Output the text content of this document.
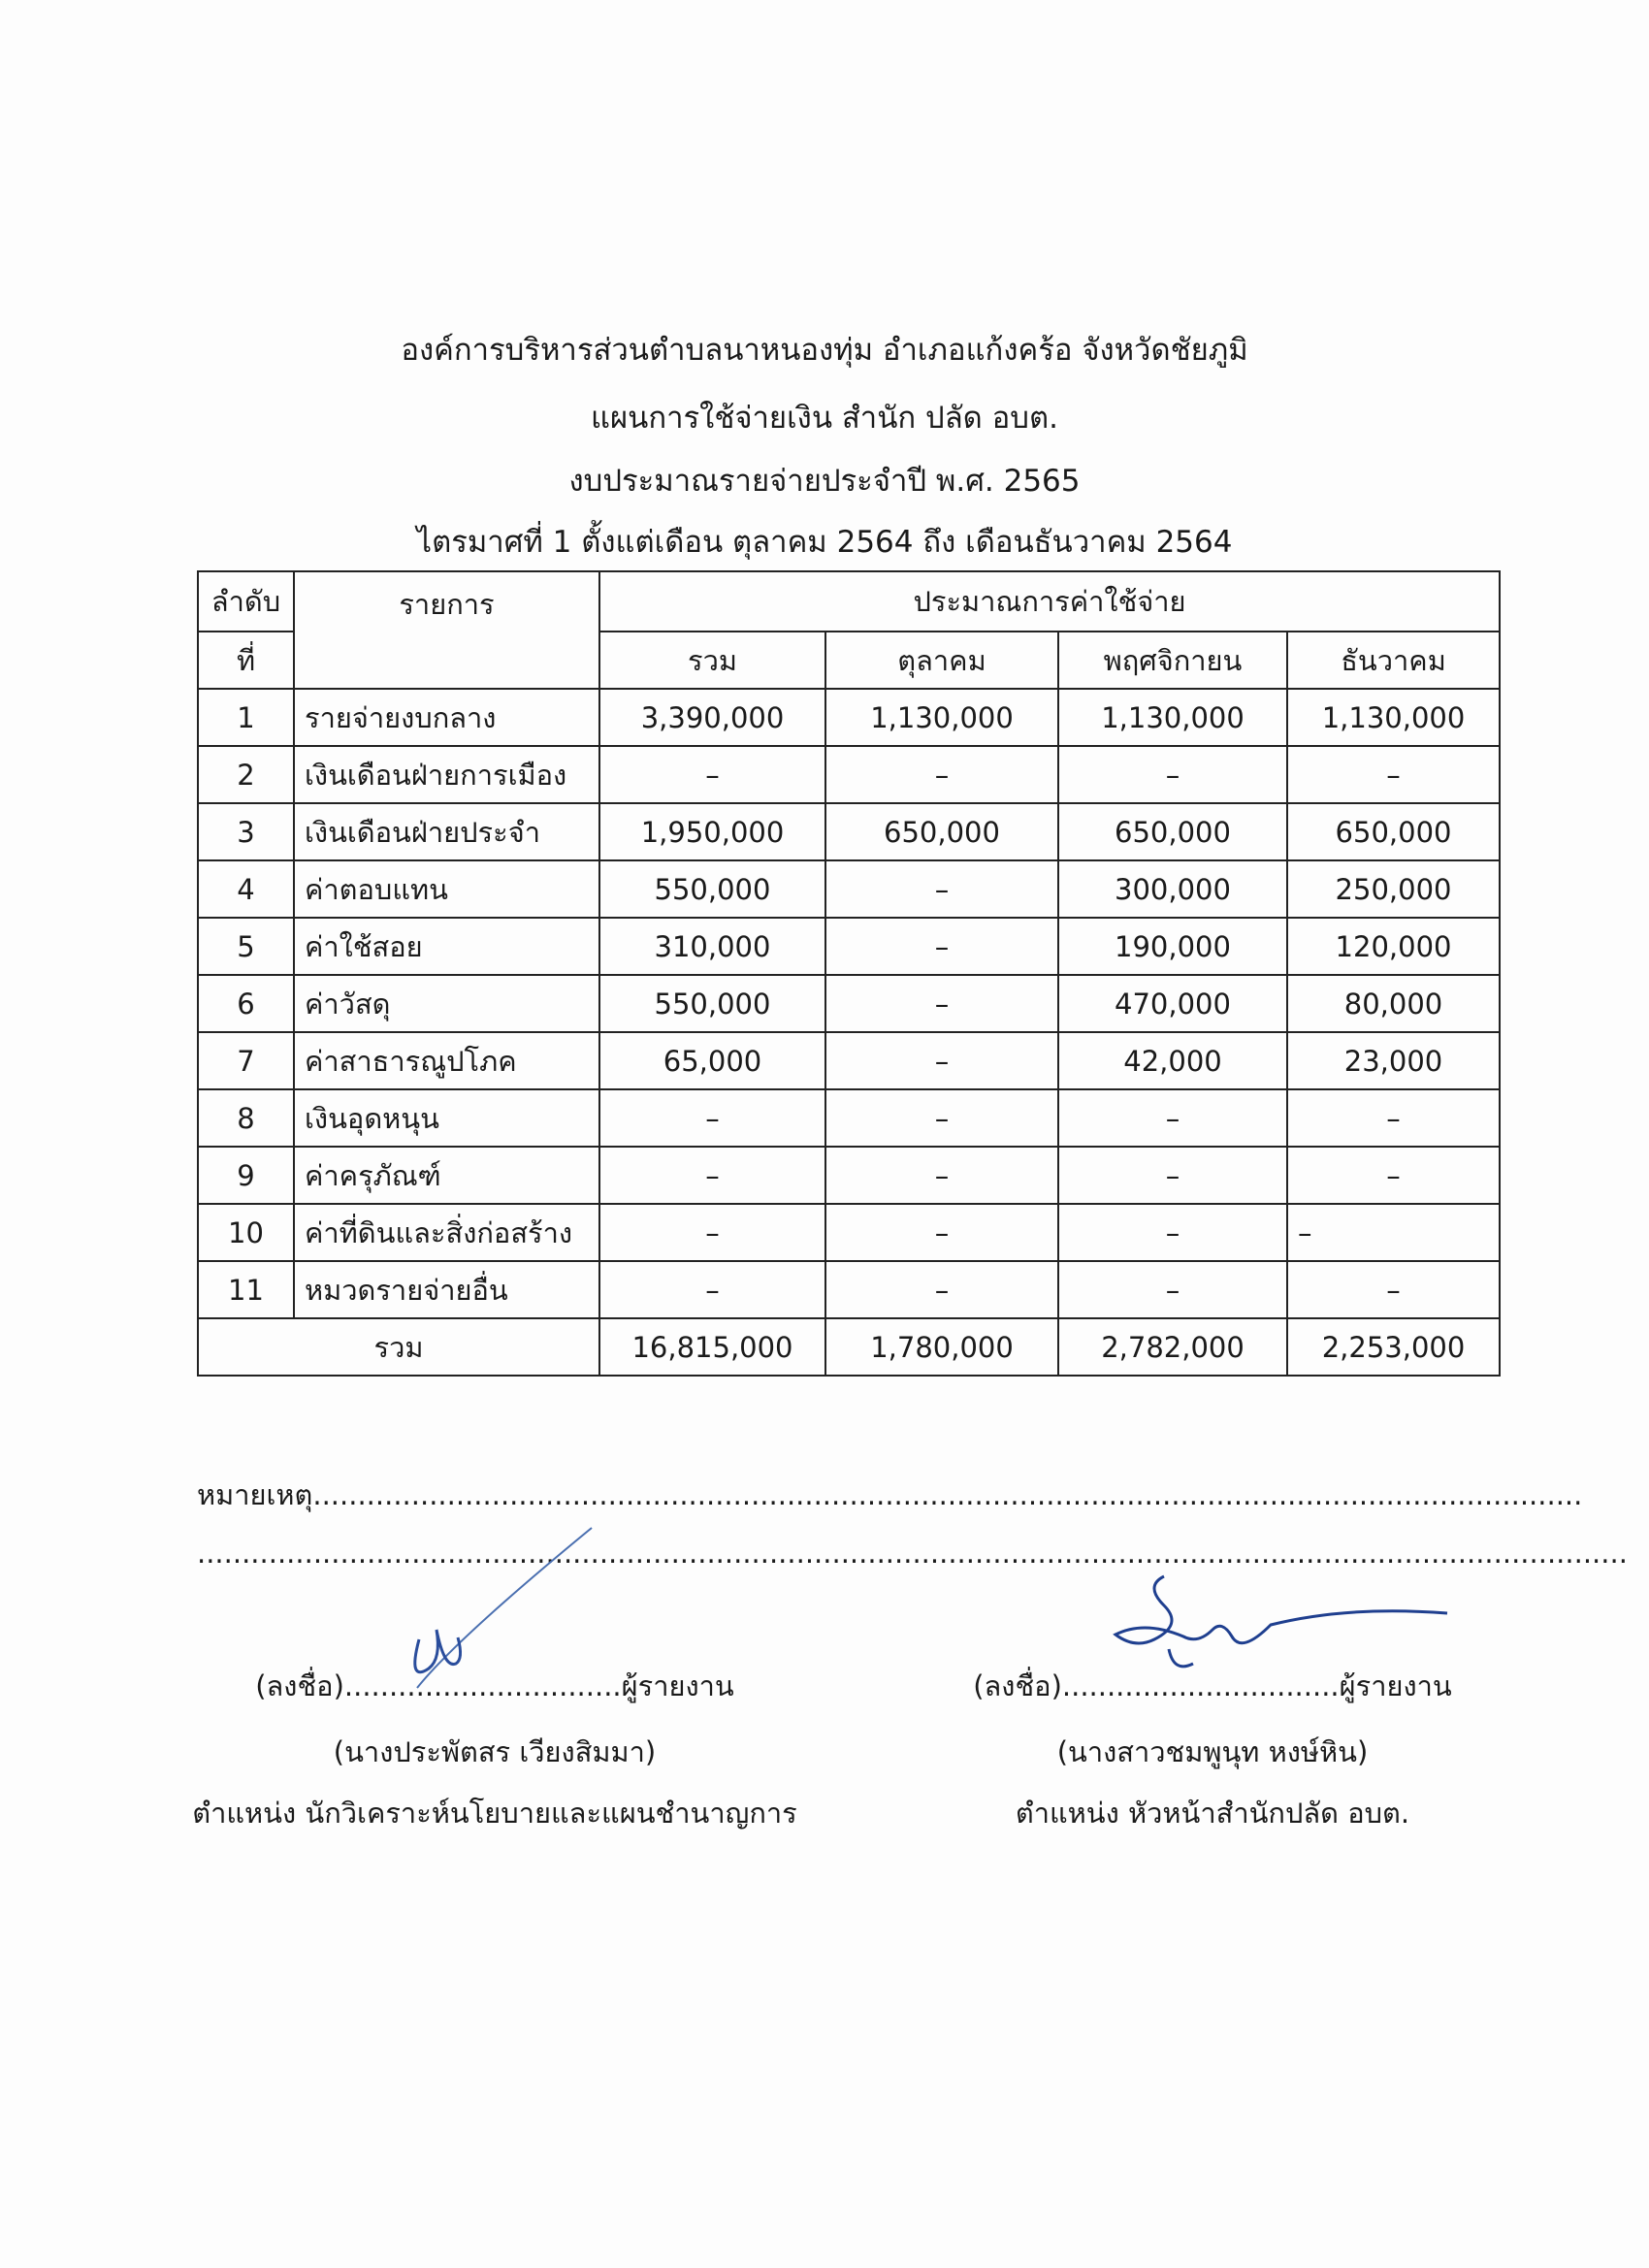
องค์การบริหารส่วนตำบลนาหนองทุ่ม อำเภอแก้งคร้อ จังหวัดชัยภูมิ
แผนการใช้จ่ายเงิน สำนัก ปลัด อบต.
งบประมาณรายจ่ายประจำปี พ.ศ. 2565
ไตรมาศที่ 1 ตั้งแต่เดือน ตุลาคม 2564 ถึง เดือนธันวาคม 2564
ลำดับ	รายการ	ประมาณการค่าใช้จ่าย			
ที่		รวม	ตุลาคม	พฤศจิกายน	ธันวาคม
1	รายจ่ายงบกลาง	3,390,000	1,130,000	1,130,000	1,130,000
2	เงินเดือนฝ่ายการเมือง	–	–	–	–
3	เงินเดือนฝ่ายประจำ	1,950,000	650,000	650,000	650,000
4	ค่าตอบแทน	550,000	–	300,000	250,000
5	ค่าใช้สอย	310,000	–	190,000	120,000
6	ค่าวัสดุ	550,000	–	470,000	80,000
7	ค่าสาธารณูปโภค	65,000	–	42,000	23,000
8	เงินอุดหนุน	–	–	–	–
9	ค่าครุภัณฑ์	–	–	–	–
10	ค่าที่ดินและสิ่งก่อสร้าง	–	–	–	–
11	หมวดรายจ่ายอื่น	–	–	–	–
รวม		16,815,000	1,780,000	2,782,000	2,253,000
หมายเหตุ..............................................................................................................................................
................................................................................................................................................................
(ลงชื่อ)...............................ผู้รายงาน
(นางประพัตสร เวียงสิมมา)
ตำแหน่ง นักวิเคราะห์นโยบายและแผนชำนาญการ
(ลงชื่อ)...............................ผู้รายงาน
(นางสาวชมพูนุท หงษ์หิน)
ตำแหน่ง หัวหน้าสำนักปลัด อบต.
